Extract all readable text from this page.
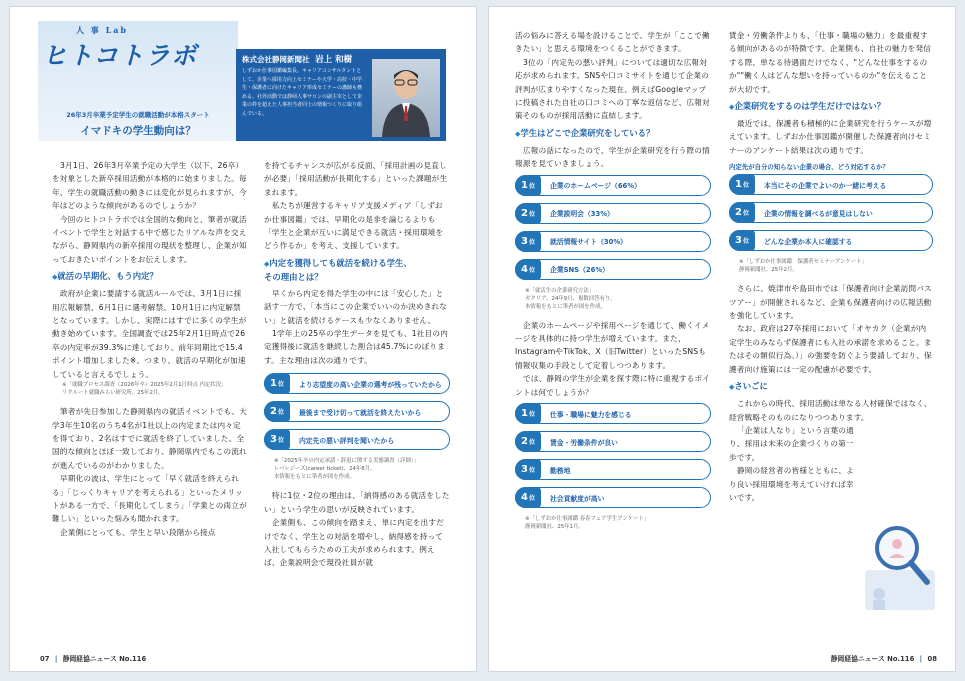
人 事 Lab
ヒトコトラボ
26年3月卒業予定学生の就職活動が本格スタート
イマドキの学生動向は？
株式会社静岡新聞社 岩上 和樹
しずおか仕事図鑑編集長。キャリアコンサルタントとして、企業へ採用力向上セミナーや大学・高校・中学生・保護者に向けたキャリア形成セミナーの講師も務める。社外活動では静岡人事サロンの副主宰として企業の枠を超えた人事担当者同士の情報つくりに取り組んでいる。
3月1日、26年3月卒業予定の大学生（以下、26卒）を対象とした新卒採用活動が本格的に始まりました。毎年、学生の就職活動の動きには変化が見られますが、今年はどのような傾向があるのでしょうか？
今回のヒトコトラボでは全国的な動向と、筆者が就活イベントで学生と対話する中で感じたリアルな声を交えながら、静岡県内の新卒採用の現状を整理し、企業が知っておきたいポイントをお伝えします。
◆就活の早期化、もう内定？
政府が企業に要請する就活ルールでは、3月1日に採用広報解禁、6月1日に選考解禁、10月1日に内定解禁となっています。しかし、実際にはすでに多くの学生が動き始めています。全国調査では25年2月1日時点で26卒の内定率が39.3%に達しており、前年同期比で15.4ポイント増加しました※。つまり、就活の早期化が加速していると言えるでしょう。
※「就職プロセス調査（2026年卒）2025年2月1日時点 内定状況」
リクルート就職みらい研究所、25年2月。
筆者が先日参加した静岡県内の就活イベントでも、大学3年生10名のうち4名が1社以上の内定または内々定を得ており、2名はすでに就活を終了していました。全国的な傾向とほぼ一致しており、静岡県内でもこの流れが進んでいるのがわかりました。
早期化の波は、学生にとって「早く就活を終えられる」「じっくりキャリアを考えられる」といったメリットがある一方で、「長期化してしまう」「学業との両立が難しい」といった悩みも聞かれます。
企業側にとっても、学生と早い段階から接点
を持てるチャンスが広がる反面、「採用計画の見直しが必要」「採用活動が長期化する」といった課題が生まれます。
私たちが運営するキャリア支援メディア「しずおか仕事図鑑」では、早期化の是非を論じるよりも「学生と企業が互いに満足できる就活・採用環境をどう作るか」を考え、支援しています。
◆内定を獲得しても就活を続ける学生、
その理由とは？
早くから内定を得た学生の中には「安心した」と話す一方で、「本当にこの企業でいいのか決めきれない」と就活を続けるケースも少なくありません。
1学年上の25卒の学生データを見ても、1社目の内定獲得後に就活を継続した割合は45.7%にのぼります。主な理由は次の通りです。
1 位 より志望度の高い企業の選考が残っていたから
2 位 最後まで受け切って就活を終えたいから
3 位 内定先の悪い評判を聞いたから
※「2025年卒の内定承諾・辞退に関する実態調査（詳細）」
レバレジーズ(career ticket)、24年8月。
本情報をもとに筆者が図を作成。
特に1位・2位の理由は、「納得感のある就活をしたい」という学生の思いが反映されています。
企業側も、この傾向を踏まえ、単に内定を出すだけでなく、学生との対話を増やし、納得感を持って入社してもらうための工夫が求められます。例えば、企業説明会で現役社員が就
07 | 静岡経協ニュース No.116
活の悩みに答える場を設けることで、学生が「ここで働きたい」と思える環境をつくることができます。
3位の「内定先の悪い評判」については適切な広報対応が求められます。SNSや口コミサイトを通じて企業の評判が広まりやすくなった現在、例えばGoogleマップに投稿された自社の口コミへの丁寧な返信など、広報対策そのものが採用活動に直結します。
◆学生はどこで企業研究をしている？
広報の話になったので、学生が企業研究を行う際の情報源を見ていきましょう。
1 位 企業のホームページ（66%）
2 位 企業説明会（33%）
3 位 就活情報サイト（30%）
4 位 企業SNS（26%）
※「就活生の企業研究方法」
ガクリア、24年9月、複数回答有り。
本情報をもとに筆者が図を作成。
企業のホームページや採用ページを通じて、働くイメージを具体的に持つ学生が増えています。また、InstagramやTikTok、X（旧Twitter）といったSNSも情報収集の手段として定着しつつあります。
では、静岡の学生が企業を探す際に特に重視するポイントは何でしょうか？
1 位 仕事・職場に魅力を感じる
2 位 賃金・労働条件が良い
3 位 勤務地
4 位 社会貢献度が高い
※「しずおか仕事図鑑 春春フェア学生アンケート」
静岡新聞社、25年1月。
賃金・労働条件よりも、「仕事・職場の魅力」を最重視する傾向があるのが特徴です。企業側も、自社の魅力を発信する際、単なる待遇面だけでなく、"どんな仕事をするのか""働く人はどんな想いを持っているのか"を伝えることが大切です。
◆企業研究をするのは学生だけではない？
最近では、保護者も積極的に企業研究を行うケースが増えています。しずおか仕事図鑑が開催した保護者向けセミナーのアンケート結果は次の通りです。
内定先が自分の知らない企業の場合、どう対応するか？
1 位 本当にその企業でよいのか一緒に考える
2 位 企業の情報を調べるが意見はしない
3 位 どんな企業か本人に確認する
※「しずおか仕事図鑑　保護者セミナーアンケート」
静岡新聞社、25年2月。
さらに、焼津市や島田市では「保護者向け企業訪問バスツアー」が開催されるなど、企業も保護者向けの広報活動を強化しています。
なお、政府は27卒採用において「オヤカク（企業が内定学生のみならず保護者にも入社の承諾を求めること。またはその類似行為。）」の強要を防ぐよう要請しており、保護者向け施策には一定の配慮が必要です。
◆さいごに
これからの時代、採用活動は単なる人材確保ではなく、経営戦略そのものになりつつあります。
「企業は人なり」という言葉の通り、採用は未来の企業づくりの第一歩です。
静岡の経営者の皆様とともに、より良い採用環境を考えていければ幸いです。
静岡経協ニュース No.116 | 08
